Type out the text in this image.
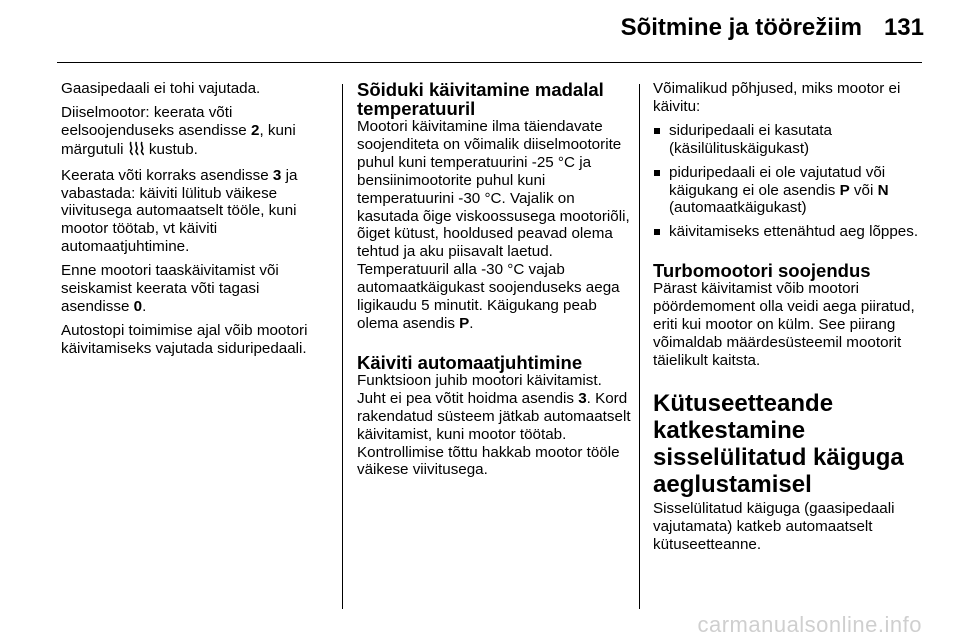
Sõitmine ja töörežiim 131

Gaasipedaali ei tohi vajutada.

Diiselmootor: keerata võti eelsoojenduseks asendisse 2, kuni märgutuli  kustub.

Keerata võti korraks asendisse 3 ja vabastada: käiviti lülitub väikese viivitusega automaatselt tööle, kuni mootor töötab, vt käiviti automaatjuhtimine.

Enne mootori taaskäivitamist või seiskamist keerata võti tagasi asendisse 0.

Autostopi toimimise ajal võib mootori käivitamiseks vajutada siduripedaali.

Sõiduki käivitamine madalal temperatuuril

Mootori käivitamine ilma täiendavate soojenditeta on võimalik diiselmootorite puhul kuni temperatuurini -25 °C ja bensiinimootorite puhul kuni temperatuurini -30 °C. Vajalik on kasutada õige viskoossusega mootoriõli, õiget kütust, hooldused peavad olema tehtud ja aku piisavalt laetud. Temperatuuril alla -30 °C vajab automaatkäigukast soojenduseks aega ligikaudu 5 minutit. Käigukang peab olema asendis P.

Käiviti automaatjuhtimine

Funktsioon juhib mootori käivitamist. Juht ei pea võtit hoidma asendis 3. Kord rakendatud süsteem jätkab automaatselt käivitamist, kuni mootor töötab. Kontrollimise tõttu hakkab mootor tööle väikese viivitusega.

Võimalikud põhjused, miks mootor ei käivitu:

siduripedaali ei kasutata (käsilülituskäigukast)
piduripedaali ei ole vajutatud või käigukang ei ole asendis P või N (automaatkäigukast)
käivitamiseks ettenähtud aeg lõppes.
Turbomootori soojendus

Pärast käivitamist võib mootori pöördemoment olla veidi aega piiratud, eriti kui mootor on külm. See piirang võimaldab määrdesüsteemil mootorit täielikult kaitsta.

Kütuseetteande katkestamine sisselülitatud käiguga aeglustamisel

Sisselülitatud käiguga (gaasipedaali vajutamata) katkeb automaatselt kütuseetteanne.

carmanualsonline.info
